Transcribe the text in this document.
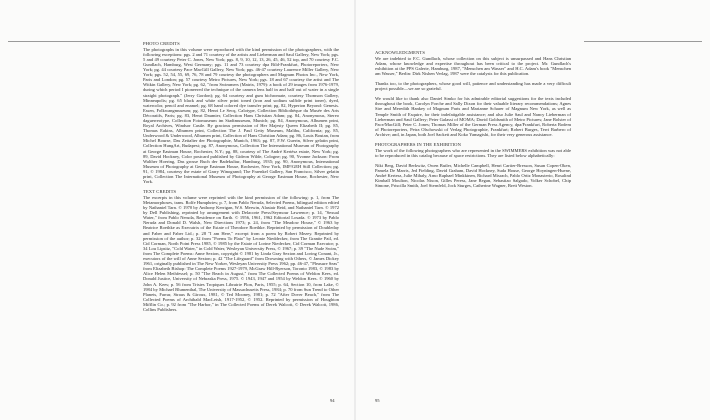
PHOTO CREDITS

The photographs in this volume were reproduced with the kind permission of the photographers, with the following exceptions: pgs. 2 and 71 courtesy of the artists and Lieberman and Saul Gallery, New York; pgs. 5 and 49 courtesy Peter C. Jones, New York; pgs. 8, 9, 10, 12, 13, 26, 45, 46, 52 top, and 70 courtesy F.C. Gundlach, Hamburg, West Germany; pgs. 11 and 73 courtesy dpa Bild-Frankfurt, Photoreporters, New York; pg. 44 courtesy Pace MacGill Gallery, New York; pgs. 46-47 courtesy Laurence Miller Gallery, New York; pgs. 52, 54, 55, 69, 76, 78 and 79 courtesy the photographers and Magnum Photos Inc., New York, Paris and London; pg. 57 courtesy Metro Pictures, New York; pgs. 18 and 67 courtesy the artist and The Witkin Gallery, New York; pg. 62, "from Swimmers (Matrix, 1979): a book of 29 images from 1976-1979, during which period I pioneered the technique of the camera lens half in and half out of water in a single straight photograph." (Jerry Gordon); pg. 64 courtesy and gum bichromate, courtesy Thomson Gallery, Minneapolis; pg. 65 black and white silver print toned (iron and sodium sulfide print toner), dyed, watercolor, pencil and enamel; pg. 68 hand colored dye transfer print; pg. 82, Hyperion Beyond: Genesis. Essen, Folkwangmuseum; pg. 82, Henri Le Secq, Calotype, Collection Bibliothèque du Musée des Arts Décoratifs, Paris; pg. 83, Henri Daumier, Collection Hans Christian Adam; pg. 84, Anonymous, Stereo daguerreotype, Collection Fotomuseum im Stadtmuseum, Munich; pg. 84, Anonymous, Albumen print, Royal Archives, Windsor Castle. By gracious permission of Her Majesty Queen Elizabeth II; pg. 85, Thomas Eakins, Albumen print, Collection The J. Paul Getty Museum, Malibu, California; pg. 85, Underwood & Underwood, Albumen print, Collection of Hans Christian Adam; pg. 86, Louis Boutan, from Michel Bourse, Das Zeitalter der Photographie, Munich, 1963; pg. 87, F.W. Guerin, Silver gelatin print, Collection HungArt, Budapest; pg. 87, Anonymous, Collection The International Museum of Photography at George Eastman House, Rochester, N.Y.; pg. 88, courtesy of The André Kertész estate, New York; pg. 89, David Hockney, Color postcard published by Gideon Wilde, Cologne; pg. 90, Yvonne Jackson: From Walther Hoering, Das grosse Buch der Badekultur, Hamburg, 1935; pg. 90, Anonymous, International Museum of Photography at George Eastman House, Rochester, New York, IMP/GEH Still Collection; pg. 91, © 1984, courtesy the estate of Garry Winogrand; The Fraenkel Gallery, San Francisco, Silver gelatin print, Collection The International Museum of Photography at George Eastman House, Rochester, New York.

TEXT CREDITS

The excerpts in this volume were reprinted with the kind permission of the following: p. 1, from The Metamorphoses, trans. Rolfe Humphries; p. 7, from Pablo Neruda, Selected Poems, bilingual edition edited by Nathaniel Tarn. © 1970 by Anthony Kerrigan, W.S. Merwin, Alastair Reid, and Nathaniel Tarn. © 1972 by Dell Publishing, reprinted by arrangement with Delacorte Press/Seymour Lawrence; p. 14, "Sexual Water," from Pablo Neruda, Residence on Earth. © 1956, 1961, 1962 Editorial Losada. © 1973 by Pablo Neruda and Donald D. Walsh, New Directions 1973; p. 24, from "The Meadow House," © 1963 by Beatrice Roethke as Executrix of the Estate of Theodore Roethke. Reprinted by permission of Doubleday and Faber and Faber Ltd.; p. 28 "I am Here," excerpt from a poem by Robert Mezey. Reprinted by permission of the author; p. 32 from "Poems To Plato" by Leonie Nieddecker, from The Granite Pail, ed. Cid Corman, North Point Press 1985, © 1985 by the Estate of Lorine Niedecker, Cid Corman Executor; p. 34 Lou Lipsitz, "Cold Water," in Cold Water, Wesleyan University Press, © 1967; p. 39 "The Nude Swim," from The Complete Poems: Anne Sexton, copyright © 1981 by Linda Gray Sexton and Loring Conant, Jr., executors of the will of Anne Sexton; p. 42 "The Lifeguard" from Drowning with Others, © James Dickey 1961, originally published in The New Yorker, Wesleyan University Press 1962; pp. 46-47, "Pleasure Seas" from Elizabeth Bishop: The Complete Poems 1927-1979, McGraw Hill-Ryerson, Toronto 1983, © 1983 by Alice Helen Methfessel; p. 50 "The Beach in August," from The Collected Poems of Weldon Kees, ed. Donald Justice, University of Nebraska Press, 1975. © 1943, 1947 and 1954 by Weldon Kees. © 1960 by John A. Kees; p. 56 from Tristes Tropiques Librairie Plon, Paris, 1955; p. 64, Section 10, from Lake, © 1984 by Michael Blumenthal, The University of Massachusetts Press, 1984; p. 70 from Sun Trend to Other Planets, Farrar, Straus & Giroux, 1981, © Ted Mooney, 1981; p. 72 "After Dover Beach," from The Collected Poems of Archibald MacLeish, 1917-1952, © 1952. Reprinted by permission of Houghton Mifflin Co.; p. 92 from "The Harbor," in The Collected Poems of Derek Walcott, © Derek Walcott, 1986, Collins Publishers.

94
ACKNOWLEDGMENTS

We are indebted to F.C. Gundlach, whose collection on this subject is unsurpassed and Hans Christian Adam, whose knowledge and expertise throughout has been critical to the project. Mr. Gundlach's exhibition at the PPS Galerie, Hamburg, 1987, "Menschen am Wasser" and H.C. Adam's book "Menschen am Wasser," Berlin: Dirk Nishen Verlag, 1987 were the catalysts for this publication.

Thanks too, to the photographers, whose good will, patience and understanding has made a very difficult project possible—we are so grateful.

We would like to thank also Daniel Simko for his admirable editorial suggestions for the texts included throughout the book, Carolyn Forche and Sally Dixon for their valuable literary recommendations; Agnes Sire and Meredith Hankey of Magnum Paris and Marianne Scharer of Magnum New York, as well as Temple Smith of Esquire, for their indefatigable assistance; and also Julie Saul and Nancy Lieberman of Lieberman and Saul Gallery; Peter Galassi of MOMA; David Goldsmith of Metro Pictures; Jane Bolster of Pace/MacGill; Peter C. Jones; Thomas Miller of the German Press Agency, dpa/Frankfurt, Roberta Bodem of Photoreporters, Petra Olschowski of Verlag Photographie, Frankfurt; Robert Burges, Terri Barbero of Archive; and, in Japan, both Joel Sackett and Koko Yamagishi, for their very generous assistance.

PHOTOGRAPHERS IN THE EXHIBITION

The work of the following photographers who are represented in the SWIMMERS exhibition was not able to be reproduced in this catalog because of space restrictions. They are listed below alphabetically:

Niki Berg, David Berkwitz, Owen Butler, Michelle Campbell, Henri Cartier-Bresson, Susan Copen-Oken, Pamela De Marris, Jed Fielding, David Graham, David Hockney, Suda House, George Hoyningen-Huene, André Kertesz, Julie Mihaly, Arno Raphael Minkkinen, Richard Misrach, Pablo Ortiz Monasterio, Rosalind Kimball Moulton, Nicolas Nixon, Gilles Peress, Jane Regan, Sebastiao Salgado, Volker Schobel, Chip Simone, Priscilla Smith, Joel Sternfeld, Jock Sturges, Catherine Wagner, Brett Weston.

95
